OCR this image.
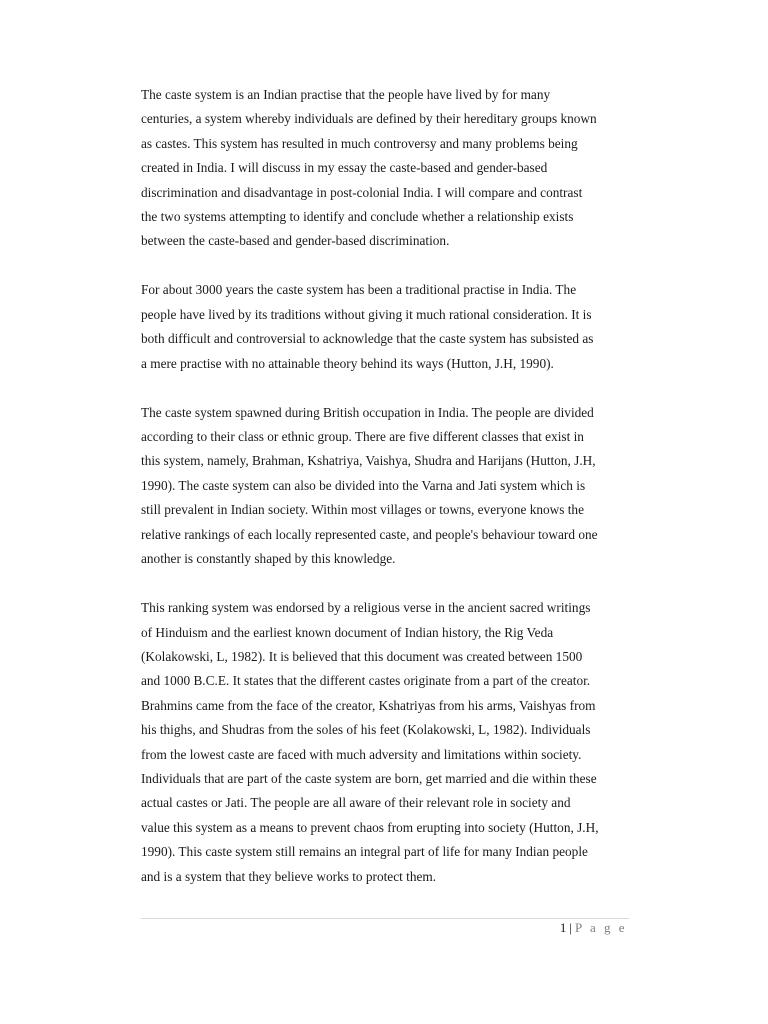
The caste system is an Indian practise that the people have lived by for many
centuries, a system whereby individuals are defined by their hereditary groups known
as castes. This system has resulted in much controversy and many problems being
created in India. I will discuss in my essay the caste-based and gender-based
discrimination and disadvantage in post-colonial India. I will compare and contrast
the two systems attempting to identify and conclude whether a relationship exists
between the caste-based and gender-based discrimination.

For about 3000 years the caste system has been a traditional practise in India. The
people have lived by its traditions without giving it much rational consideration. It is
both difficult and controversial to acknowledge that the caste system has subsisted as
a mere practise with no attainable theory behind its ways (Hutton, J.H, 1990).

The caste system spawned during British occupation in India. The people are divided
according to their class or ethnic group. There are five different classes that exist in
this system, namely, Brahman, Kshatriya, Vaishya, Shudra and Harijans (Hutton, J.H,
1990). The caste system can also be divided into the Varna and Jati system which is
still prevalent in Indian society. Within most villages or towns, everyone knows the
relative rankings of each locally represented caste, and people's behaviour toward one
another is constantly shaped by this knowledge.

This ranking system was endorsed by a religious verse in the ancient sacred writings
of Hinduism and the earliest known document of Indian history, the Rig Veda
(Kolakowski, L, 1982). It is believed that this document was created between 1500
and 1000 B.C.E. It states that the different castes originate from a part of the creator.
Brahmins came from the face of the creator, Kshatriyas from his arms, Vaishyas from
his thighs, and Shudras from the soles of his feet (Kolakowski, L, 1982). Individuals
from the lowest caste are faced with much adversity and limitations within society.
Individuals that are part of the caste system are born, get married and die within these
actual castes or Jati. The people are all aware of their relevant role in society and
value this system as a means to prevent chaos from erupting into society (Hutton, J.H,
1990). This caste system still remains an integral part of life for many Indian people
and is a system that they believe works to protect them.

1 | P a g e
